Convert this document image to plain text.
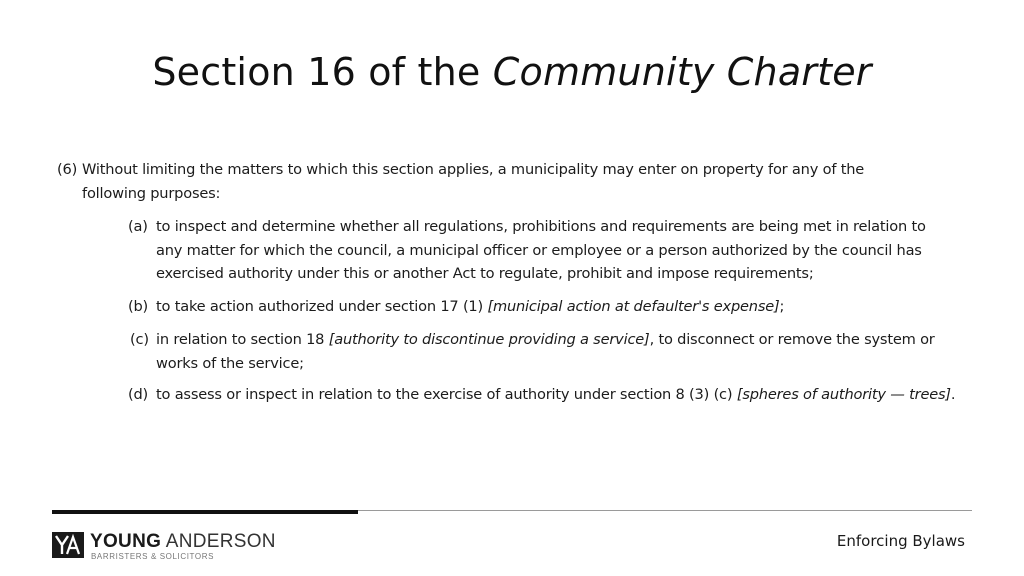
Section 16 of the Community Charter
(6) Without limiting the matters to which this section applies, a municipality may enter on property for any of the
following purposes:
(a) to inspect and determine whether all regulations, prohibitions and requirements are being met in relation to
any matter for which the council, a municipal officer or employee or a person authorized by the council has
exercised authority under this or another Act to regulate, prohibit and impose requirements;
(b) to take action authorized under section 17 (1) [municipal action at defaulter's expense];
(c) in relation to section 18 [authority to discontinue providing a service], to disconnect or remove the system or
works of the service;
(d) to assess or inspect in relation to the exercise of authority under section 8 (3) (c) [spheres of authority — trees].
YOUNG ANDERSON
BARRISTERS & SOLICITORS
Enforcing Bylaws
